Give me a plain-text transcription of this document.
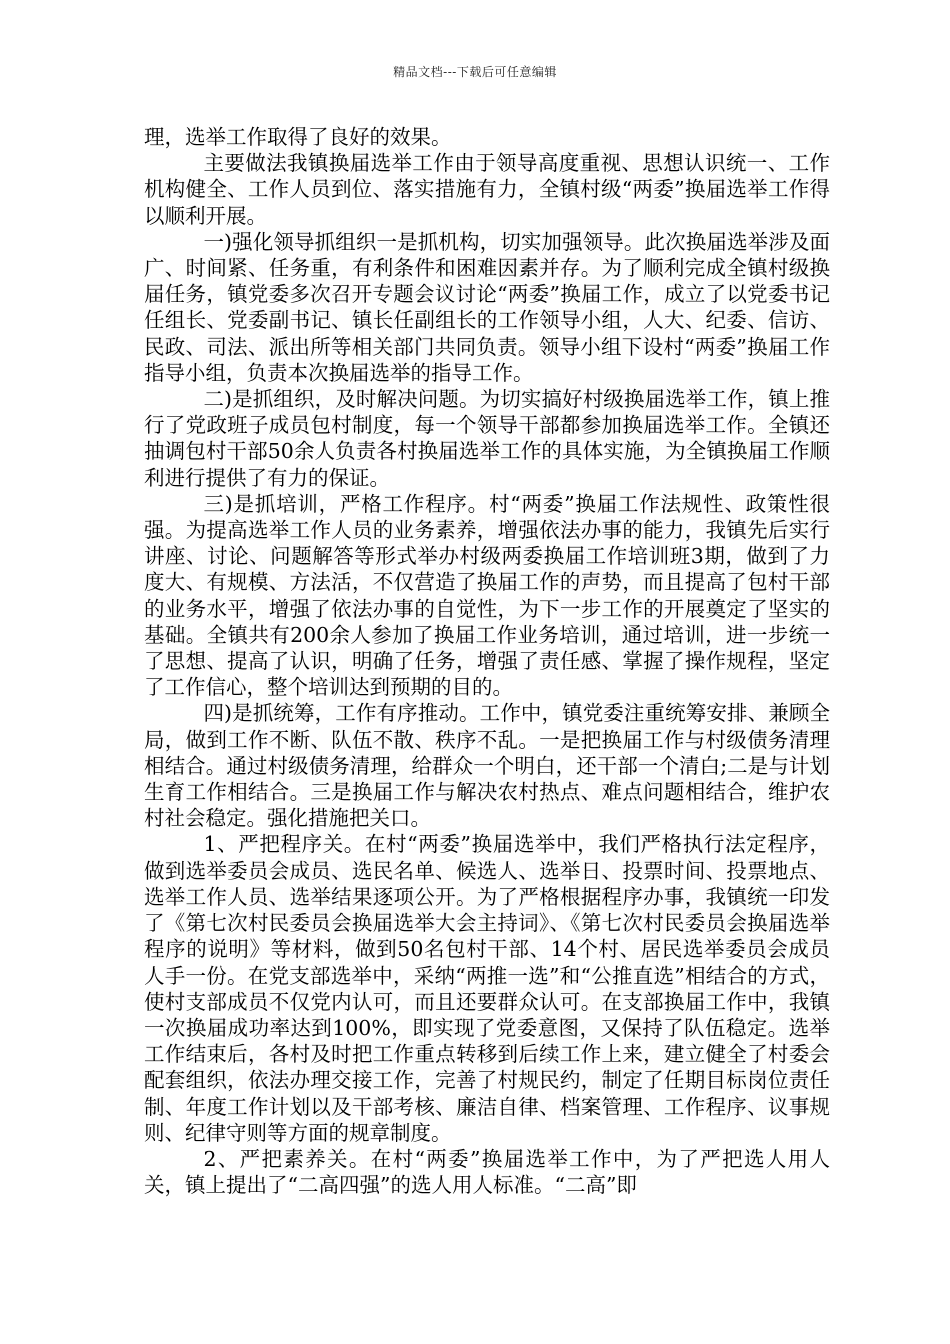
精品文档---下载后可任意编辑

理，选举工作取得了良好的效果。

主要做法我镇换届选举工作由于领导高度重视、思想认识统一、工作机构健全、工作人员到位、落实措施有力，全镇村级“两委”换届选举工作得以顺利开展。

一)强化领导抓组织一是抓机构，切实加强领导。此次换届选举涉及面广、时间紧、任务重，有利条件和困难因素并存。为了顺利完成全镇村级换届任务，镇党委多次召开专题会议讨论“两委”换届工作，成立了以党委书记任组长、党委副书记、镇长任副组长的工作领导小组，人大、纪委、信访、民政、司法、派出所等相关部门共同负责。领导小组下设村“两委”换届工作指导小组，负责本次换届选举的指导工作。

二)是抓组织，及时解决问题。为切实搞好村级换届选举工作，镇上推行了党政班子成员包村制度，每一个领导干部都参加换届选举工作。全镇还抽调包村干部50余人负责各村换届选举工作的具体实施，为全镇换届工作顺利进行提供了有力的保证。

三)是抓培训，严格工作程序。村“两委”换届工作法规性、政策性很强。为提高选举工作人员的业务素养，增强依法办事的能力，我镇先后实行讲座、讨论、问题解答等形式举办村级两委换届工作培训班3期，做到了力度大、有规模、方法活，不仅营造了换届工作的声势，而且提高了包村干部的业务水平，增强了依法办事的自觉性，为下一步工作的开展奠定了坚实的基础。全镇共有200余人参加了换届工作业务培训，通过培训，进一步统一了思想、提高了认识，明确了任务，增强了责任感、掌握了操作规程，坚定了工作信心，整个培训达到预期的目的。

四)是抓统筹，工作有序推动。工作中，镇党委注重统筹安排、兼顾全局，做到工作不断、队伍不散、秩序不乱。一是把换届工作与村级债务清理相结合。通过村级债务清理，给群众一个明白，还干部一个清白;二是与计划生育工作相结合。三是换届工作与解决农村热点、难点问题相结合，维护农村社会稳定。强化措施把关口。

1、严把程序关。在村“两委”换届选举中，我们严格执行法定程序，做到选举委员会成员、选民名单、候选人、选举日、投票时间、投票地点、选举工作人员、选举结果逐项公开。为了严格根据程序办事，我镇统一印发了《第七次村民委员会换届选举大会主持词》、《第七次村民委员会换届选举程序的说明》等材料，做到50名包村干部、14个村、居民选举委员会成员人手一份。在党支部选举中，采纳“两推一选”和“公推直选”相结合的方式，使村支部成员不仅党内认可，而且还要群众认可。在支部换届工作中，我镇一次换届成功率达到100%，即实现了党委意图，又保持了队伍稳定。选举工作结束后，各村及时把工作重点转移到后续工作上来，建立健全了村委会配套组织，依法办理交接工作，完善了村规民约，制定了任期目标岗位责任制、年度工作计划以及干部考核、廉洁自律、档案管理、工作程序、议事规则、纪律守则等方面的规章制度。

2、严把素养关。在村“两委”换届选举工作中，为了严把选人用人关，镇上提出了“二高四强”的选人用人标准。“二高”即
